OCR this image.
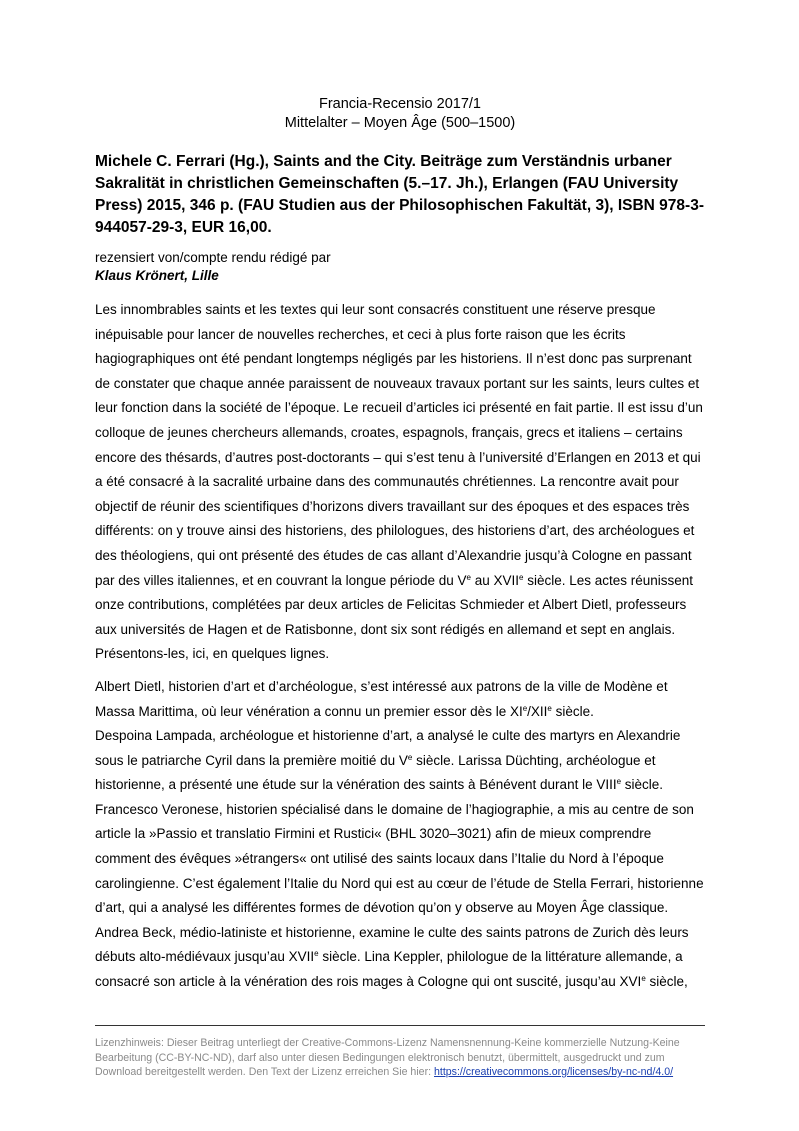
Francia-Recensio 2017/1
Mittelalter – Moyen Âge (500–1500)
Michele C. Ferrari (Hg.), Saints and the City. Beiträge zum Verständnis urbaner Sakralität in christlichen Gemeinschaften (5.–17. Jh.), Erlangen (FAU University Press) 2015, 346 p. (FAU Studien aus der Philosophischen Fakultät, 3), ISBN 978-3-944057-29-3, EUR 16,00.
rezensiert von/compte rendu rédigé par
Klaus Krönert, Lille

Les innombrables saints et les textes qui leur sont consacrés constituent une réserve presque inépuisable pour lancer de nouvelles recherches, et ceci à plus forte raison que les écrits hagiographiques ont été pendant longtemps négligés par les historiens. Il n’est donc pas surprenant de constater que chaque année paraissent de nouveaux travaux portant sur les saints, leurs cultes et leur fonction dans la société de l’époque. Le recueil d’articles ici présenté en fait partie. Il est issu d’un colloque de jeunes chercheurs allemands, croates, espagnols, français, grecs et italiens – certains encore des thésards, d’autres post-doctorants – qui s’est tenu à l’université d’Erlangen en 2013 et qui a été consacré à la sacralité urbaine dans des communautés chrétiennes. La rencontre avait pour objectif de réunir des scientifiques d’horizons divers travaillant sur des époques et des espaces très différents: on y trouve ainsi des historiens, des philologues, des historiens d’art, des archéologues et des théologiens, qui ont présenté des études de cas allant d’Alexandrie jusqu’à Cologne en passant par des villes italiennes, et en couvrant la longue période du Ve au XVIIe siècle. Les actes réunissent onze contributions, complétées par deux articles de Felicitas Schmieder et Albert Dietl, professeurs aux universités de Hagen et de Ratisbonne, dont six sont rédigés en allemand et sept en anglais. Présentons-les, ici, en quelques lignes.

Albert Dietl, historien d’art et d’archéologue, s’est intéressé aux patrons de la ville de Modène et Massa Marittima, où leur vénération a connu un premier essor dès le XIe/XIIe siècle.

Despoina Lampada, archéologue et historienne d’art, a analysé le culte des martyrs en Alexandrie sous le patriarche Cyril dans la première moitié du Ve siècle. Larissa Düchting, archéologue et historienne, a présenté une étude sur la vénération des saints à Bénévent durant le VIIIe siècle. Francesco Veronese, historien spécialisé dans le domaine de l’hagiographie, a mis au centre de son article la »Passio et translatio Firmini et Rustici« (BHL 3020–3021) afin de mieux comprendre comment des évêques »étrangers« ont utilisé des saints locaux dans l’Italie du Nord à l’époque carolingienne. C’est également l’Italie du Nord qui est au cœur de l’étude de Stella Ferrari, historienne d’art, qui a analysé les différentes formes de dévotion qu’on y observe au Moyen Âge classique. Andrea Beck, médio-latiniste et historienne, examine le culte des saints patrons de Zurich dès leurs débuts alto-médiévaux jusqu’au XVIIe siècle. Lina Keppler, philologue de la littérature allemande, a consacré son article à la vénération des rois mages à Cologne qui ont suscité, jusqu’au XVIe siècle,

Lizenzhinweis: Dieser Beitrag unterliegt der Creative-Commons-Lizenz Namensnennung-Keine kommerzielle Nutzung-Keine Bearbeitung (CC-BY-NC-ND), darf also unter diesen Bedingungen elektronisch benutzt, übermittelt, ausgedruckt und zum Download bereitgestellt werden. Den Text der Lizenz erreichen Sie hier: https://creativecommons.org/licenses/by-nc-nd/4.0/
